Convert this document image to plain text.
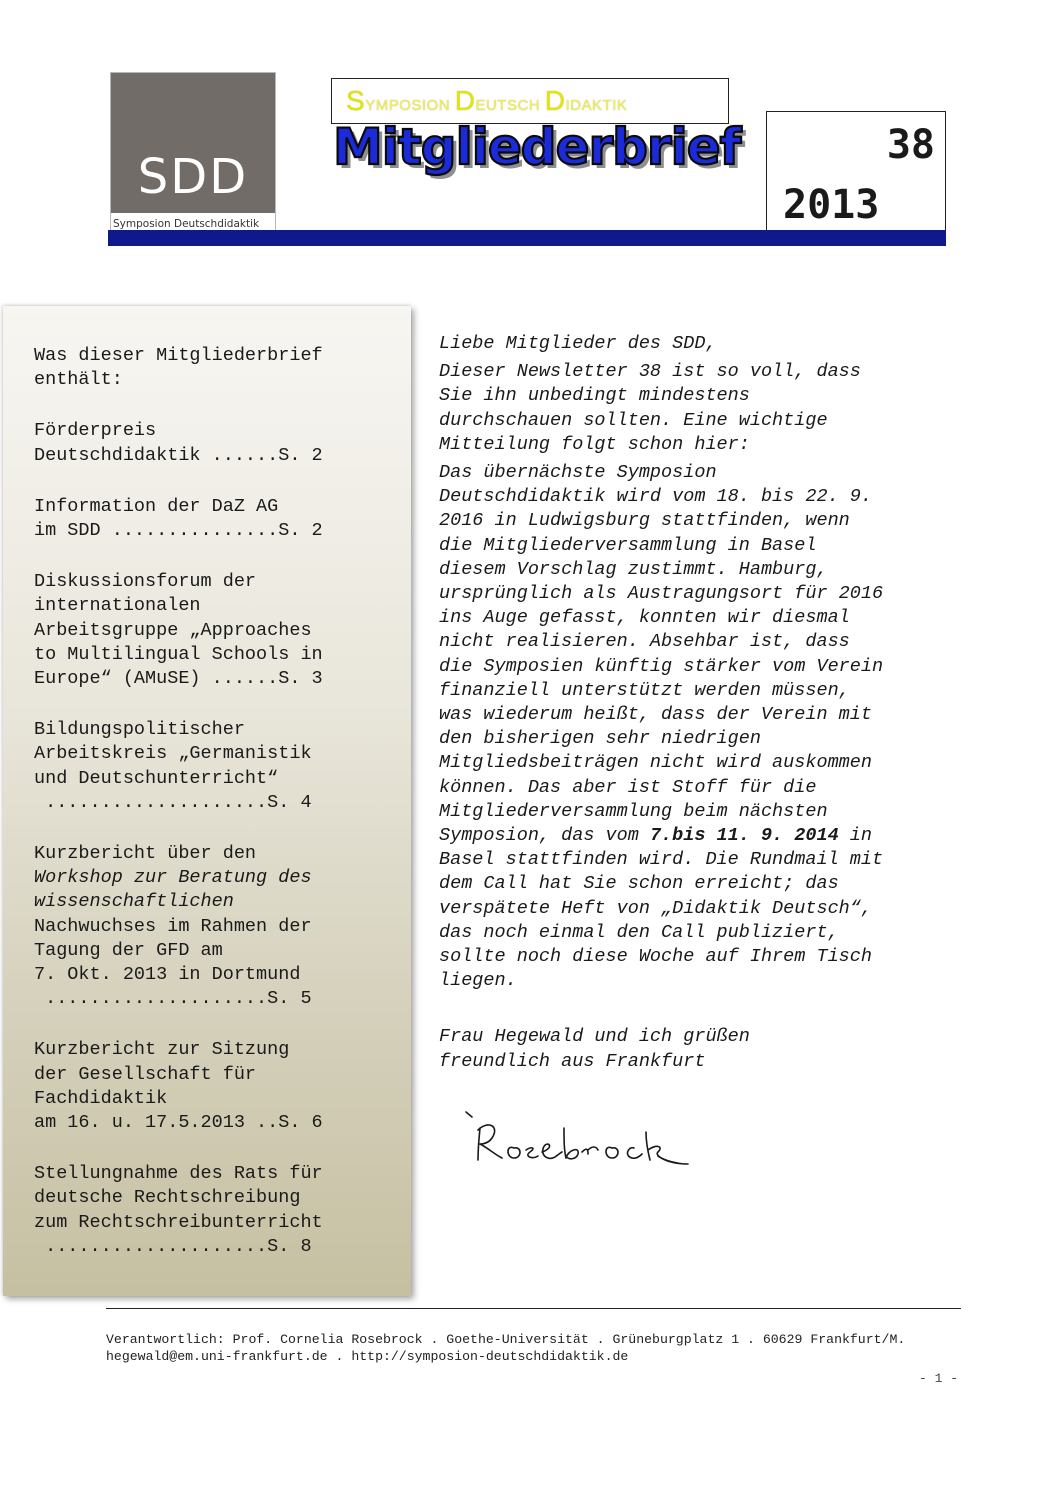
SDD
Symposion Deutschdidaktik
SYMPOSION DEUTSCH DIDAKTIK
Mitgliederbrief	38
2013
Was dieser Mitgliederbrief
enthält:
Förderpreis
Deutschdidaktik ......S. 2
Information der DaZ AG
im SDD ...............S. 2
Diskussionsforum der
internationalen
Arbeitsgruppe „Approaches
to Multilingual Schools in
Europe“ (AMuSE) ......S. 3
Bildungspolitischer
Arbeitskreis „Germanistik
und Deutschunterricht“
....................S. 4
Kurzbericht über den
Workshop zur Beratung des
wissenschaftlichen
Nachwuchses im Rahmen der
Tagung der GFD am
7. Okt. 2013 in Dortmund
....................S. 5
Kurzbericht zur Sitzung
der Gesellschaft für
Fachdidaktik
am 16. u. 17.5.2013 ..S. 6
Stellungnahme des Rats für
deutsche Rechtschreibung
zum Rechtschreibunterricht
....................S. 8
Liebe Mitglieder des SDD,
Dieser Newsletter 38 ist so voll, dass
Sie ihn unbedingt mindestens
durchschauen sollten. Eine wichtige
Mitteilung folgt schon hier:
Das übernächste Symposion
Deutschdidaktik wird vom 18. bis 22. 9.
2016 in Ludwigsburg stattfinden, wenn
die Mitgliederversammlung in Basel
diesem Vorschlag zustimmt. Hamburg,
ursprünglich als Austragungsort für 2016
ins Auge gefasst, konnten wir diesmal
nicht realisieren. Absehbar ist, dass
die Symposien künftig stärker vom Verein
finanziell unterstützt werden müssen,
was wiederum heißt, dass der Verein mit
den bisherigen sehr niedrigen
Mitgliedsbeiträgen nicht wird auskommen
können. Das aber ist Stoff für die
Mitgliederversammlung beim nächsten
Symposion, das vom 7.bis 11. 9. 2014 in
Basel stattfinden wird. Die Rundmail mit
dem Call hat Sie schon erreicht; das
verspätete Heft von „Didaktik Deutsch“,
das noch einmal den Call publiziert,
sollte noch diese Woche auf Ihrem Tisch
liegen.
Frau Hegewald und ich grüßen
freundlich aus Frankfurt
Verantwortlich: Prof. Cornelia Rosebrock . Goethe-Universität . Grüneburgplatz 1 . 60629 Frankfurt/M.
hegewald@em.uni-frankfurt.de . http://symposion-deutschdidaktik.de
- 1 -
